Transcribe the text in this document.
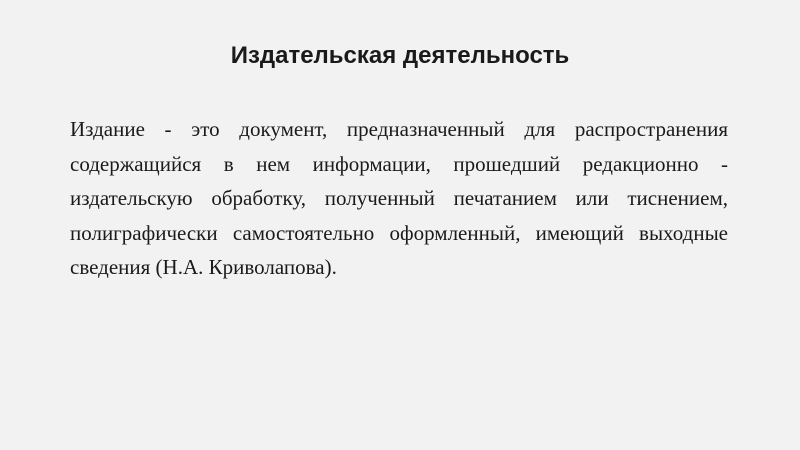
Издательская деятельность
Издание - это документ, предназначенный для распространения содержащийся в нем информации, прошедший редакционно - издательскую обработку, полученный печатанием или тиснением, полиграфически самостоятельно оформленный, имеющий выходные сведения (Н.А. Криволапова).
